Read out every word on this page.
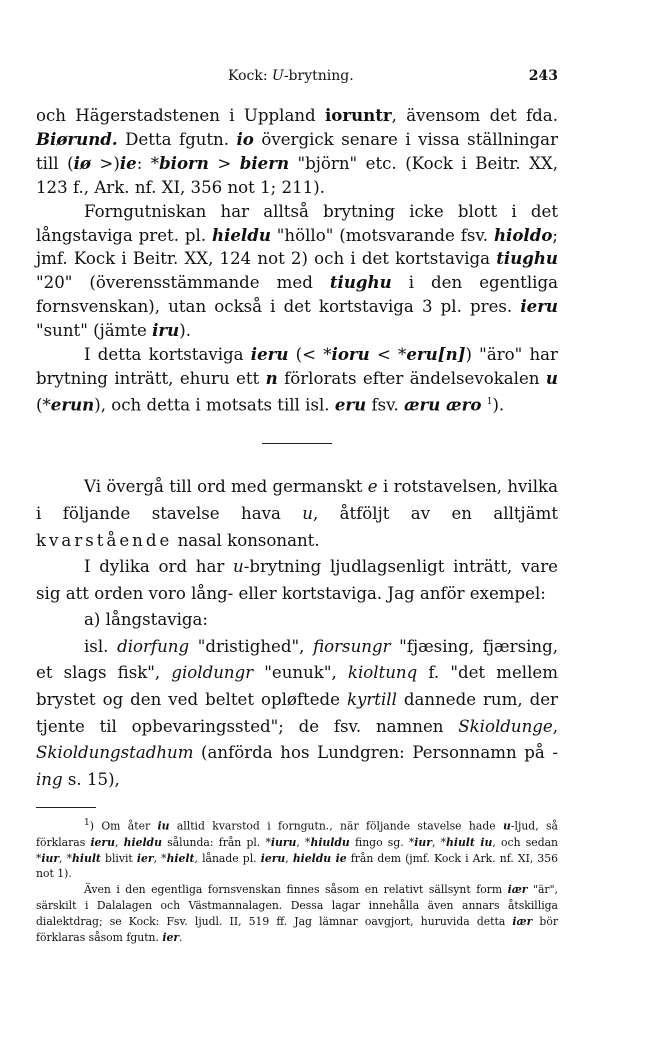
Kock: U-brytning.	243

och Hägerstadstenen i Uppland ioruntr, ävensom det fda. Biørund. Detta fgutn. io övergick senare i vissa ställningar till (iø >)ie: *biorn > biern "björn" etc. (Kock i Beitr. XX, 123 f., Ark. nf. XI, 356 not 1; 211).

Forngutniskan har alltså brytning icke blott i det långstaviga pret. pl. hieldu "höllo" (motsvarande fsv. hioldo; jmf. Kock i Beitr. XX, 124 not 2) och i det kortstaviga tiughu "20" (överensstämmande med tiughu i den egentliga fornsvenskan), utan också i det kortstaviga 3 pl. pres. ieru "sunt" (jämte iru).

I detta kortstaviga ieru (< *ioru < *eru[n]) "äro" har brytning inträtt, ehuru ett n förlorats efter ändelsevokalen u (*erun), och detta i motsats till isl. eru fsv. æru æro $^1$).

Vi övergå till ord med germanskt e i rotstavelsen, hvilka i följande stavelse hava u, åtföljt av en alltjämt kvarstående nasal konsonant.

I dylika ord har u-brytning ljudlagsenligt inträtt, vare sig att orden voro lång- eller kortstaviga. Jag anför exempel:

a) långstaviga:

isl. diorfung "dristighed", fiorsungr "fjæsing, fjærsing, et slags fisk", gioldungr "eunuk", kioltunq f. "det mellem brystet og den ved beltet opløftede kyrtill dannede rum, der tjente til opbevaringssted"; de fsv. namnen Skioldunge, Skioldungstadhum (anförda hos Lundgren: Personnamn på -ing s. 15),

$^1$) Om åter iu alltid kvarstod i forngutn., när följande stavelse hade u-ljud, så förklaras ieru, hieldu sålunda: från pl. *iuru, *hiuldu fingo sg. *iur, *hiult iu, och sedan *iur, *hiult blivit ier, *hielt, lånade pl. ieru, hieldu ie från dem (jmf. Kock i Ark. nf. XI, 356 not 1).

Även i den egentliga fornsvenskan finnes såsom en relativt sällsynt form iær "är", särskilt i Dalalagen och Västmannalagen. Dessa lagar innehålla även annars åtskilliga dialektdrag; se Kock: Fsv. ljudl. II, 519 ff. Jag lämnar oavgjort, huruvida detta iær bör förklaras såsom fgutn. ier.
